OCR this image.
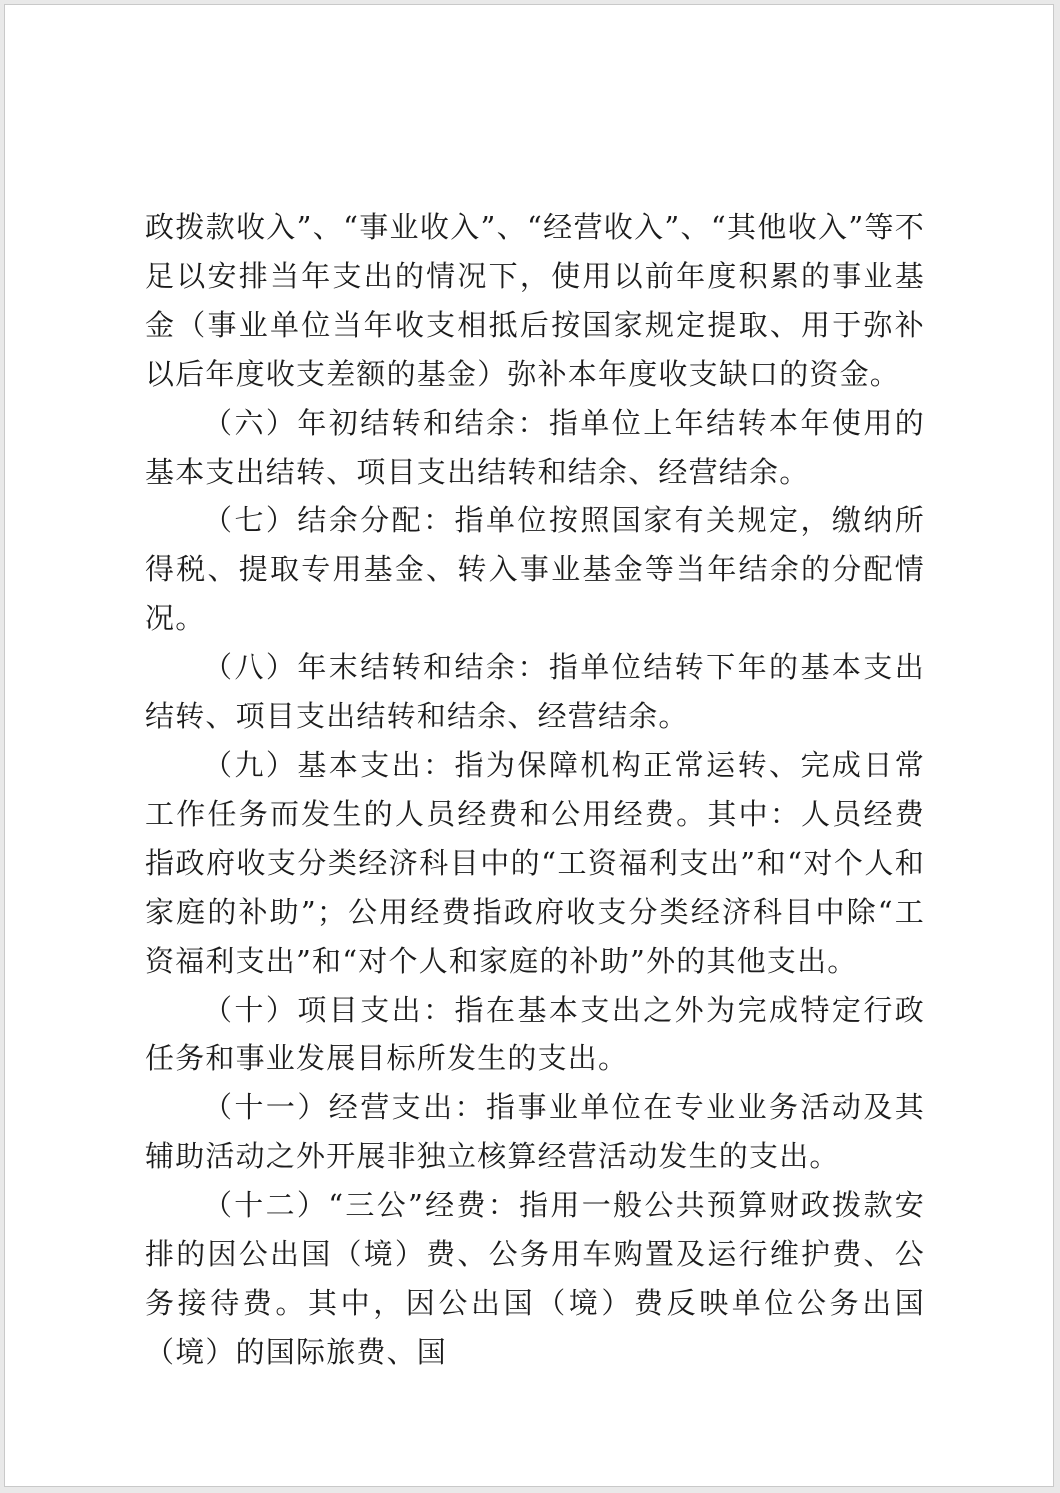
政拨款收入”、“事业收入”、“经营收入”、“其他收入”等不足以安排当年支出的情况下，使用以前年度积累的事业基金（事业单位当年收支相抵后按国家规定提取、用于弥补以后年度收支差额的基金）弥补本年度收支缺口的资金。

（六）年初结转和结余：指单位上年结转本年使用的基本支出结转、项目支出结转和结余、经营结余。

（七）结余分配：指单位按照国家有关规定，缴纳所得税、提取专用基金、转入事业基金等当年结余的分配情况。

（八）年末结转和结余：指单位结转下年的基本支出结转、项目支出结转和结余、经营结余。

（九）基本支出：指为保障机构正常运转、完成日常工作任务而发生的人员经费和公用经费。其中：人员经费指政府收支分类经济科目中的“工资福利支出”和“对个人和家庭的补助”；公用经费指政府收支分类经济科目中除“工资福利支出”和“对个人和家庭的补助”外的其他支出。

（十）项目支出：指在基本支出之外为完成特定行政任务和事业发展目标所发生的支出。

（十一）经营支出：指事业单位在专业业务活动及其辅助活动之外开展非独立核算经营活动发生的支出。

（十二）“三公”经费：指用一般公共预算财政拨款安排的因公出国（境）费、公务用车购置及运行维护费、公务接待费。其中，因公出国（境）费反映单位公务出国（境）的国际旅费、国
